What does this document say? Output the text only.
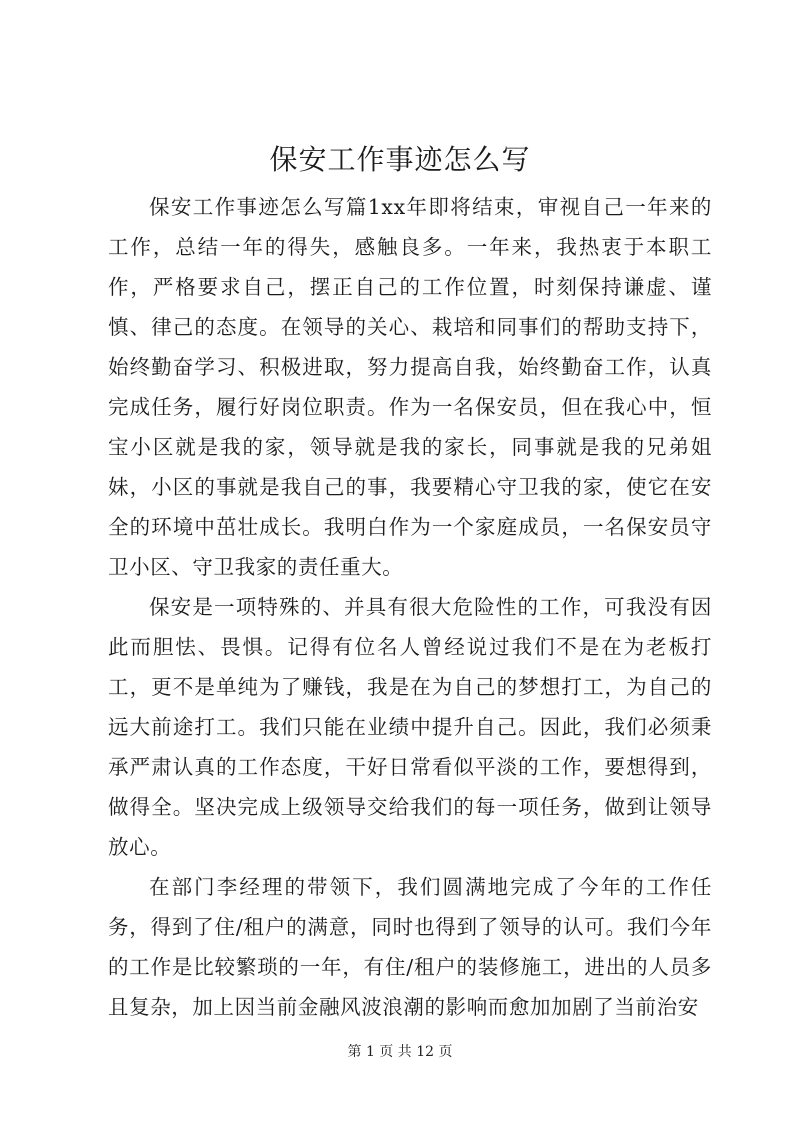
保安工作事迹怎么写

保安工作事迹怎么写篇1xx年即将结束，审视自己一年来的工作，总结一年的得失，感触良多。一年来，我热衷于本职工作，严格要求自己，摆正自己的工作位置，时刻保持谦虚、谨慎、律己的态度。在领导的关心、栽培和同事们的帮助支持下，始终勤奋学习、积极进取，努力提高自我，始终勤奋工作，认真完成任务，履行好岗位职责。作为一名保安员，但在我心中，恒宝小区就是我的家，领导就是我的家长，同事就是我的兄弟姐妹，小区的事就是我自己的事，我要精心守卫我的家，使它在安全的环境中茁壮成长。我明白作为一个家庭成员，一名保安员守卫小区、守卫我家的责任重大。

保安是一项特殊的、并具有很大危险性的工作，可我没有因此而胆怯、畏惧。记得有位名人曾经说过我们不是在为老板打工，更不是单纯为了赚钱，我是在为自己的梦想打工，为自己的远大前途打工。我们只能在业绩中提升自己。因此，我们必须秉承严肃认真的工作态度，干好日常看似平淡的工作，要想得到，做得全。坚决完成上级领导交给我们的每一项任务，做到让领导放心。

在部门李经理的带领下，我们圆满地完成了今年的工作任务，得到了住/租户的满意，同时也得到了领导的认可。我们今年的工作是比较繁琐的一年，有住/租户的装修施工，进出的人员多且复杂，加上因当前金融风波浪潮的影响而愈加加剧了当前治安

第 1 页 共 12 页
